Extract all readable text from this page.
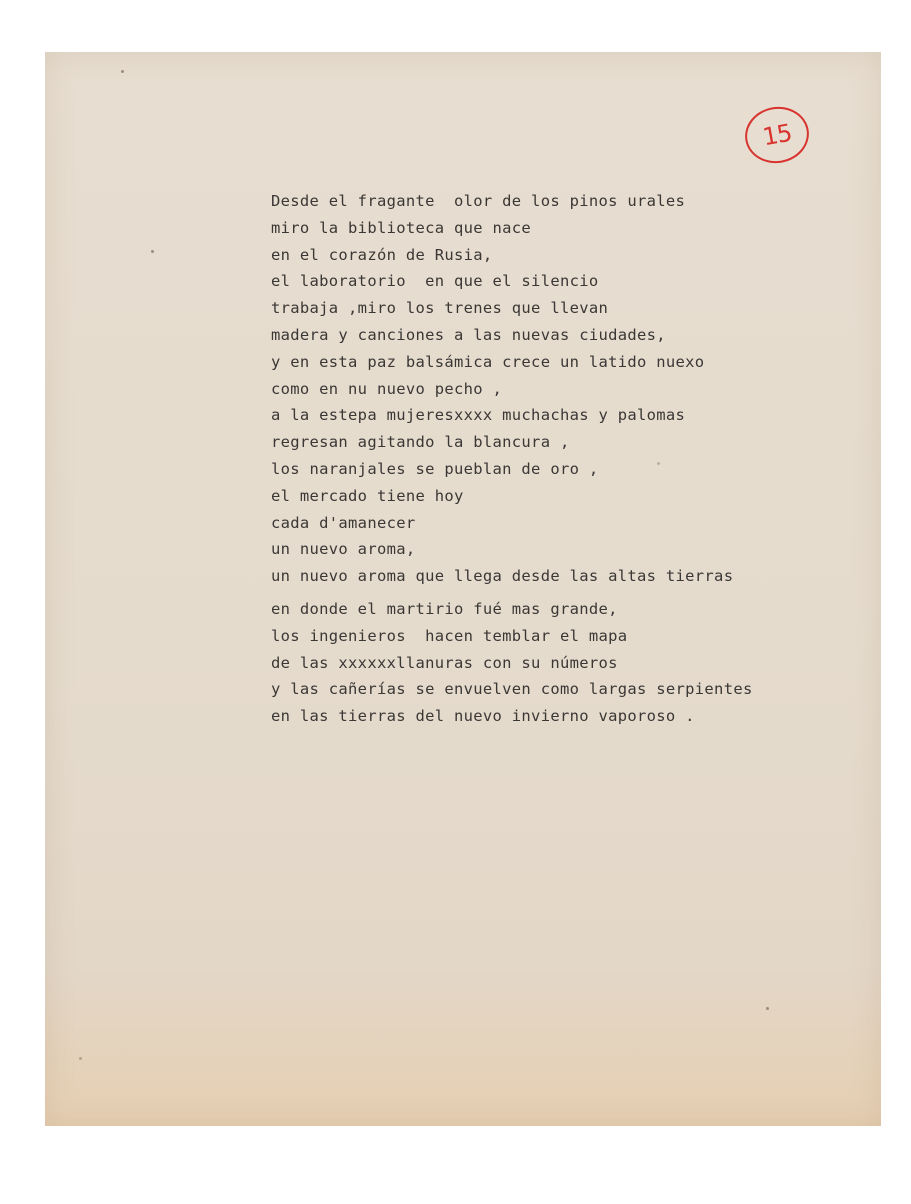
15
Desde el fragante  olor de los pinos urales
miro la biblioteca que nace
en el corazón de Rusia,
el laboratorio  en que el silencio
trabaja ,miro los trenes que llevan
madera y canciones a las nuevas ciudades,
y en esta paz balsámica crece un latido nuexo
como en nu nuevo pecho ,
a la estepa mujeresxxxx muchachas y palomas
regresan agitando la blancura ,
los naranjales se pueblan de oro ,
el mercado tiene hoy
cada d'amanecer
un nuevo aroma,
un nuevo aroma que llega desde las altas tierras
en donde el martirio fué mas grande,
los ingenieros  hacen temblar el mapa
de las xxxxxxllanuras con su números
y las cañerías se envuelven como largas serpientes
en las tierras del nuevo invierno vaporoso .
